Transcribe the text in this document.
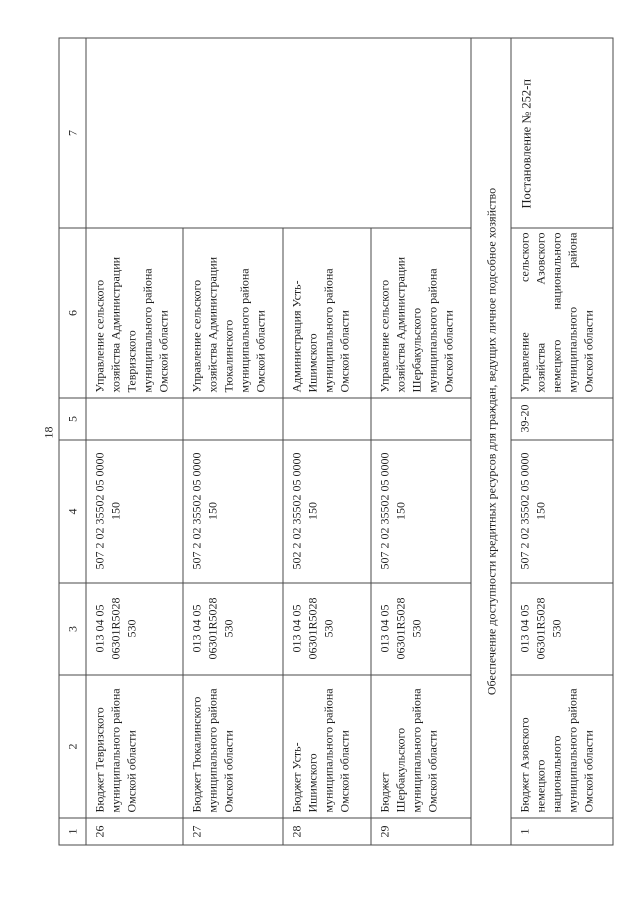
18
1	2	3	4	5	6	7

26	Бюджет Тевризского муниципального района Омской области	013 04 05 06301R5028 530	507 2 02 35502 05 0000 150		Управление сельского хозяйства Администрации Тевризского муниципального района Омской области	

27	Бюджет Тюкалинского муниципального района Омской области	013 04 05 06301R5028 530	507 2 02 35502 05 0000 150		Управление сельского хозяйства Администрации Тюкалинского муниципального района Омской области	

28	Бюджет Усть- Ишимского муниципального района Омской области	013 04 05 06301R5028 530	502 2 02 35502 05 0000 150		Администрация Усть- Ишимского муниципального района Омской области	

29	Бюджет Шербакульского муниципального района Омской области	013 04 05 06301R5028 530	507 2 02 35502 05 0000 150		Управление сельского хозяйства Администрации Шербакульского муниципального района Омской области	

Обеспечение доступности кредитных ресурсов для граждан, ведущих личное подсобное хозяйство						

1	Бюджет Азовского немецкого национального муниципального района Омской области	013 04 05 06301R5028 530	507 2 02 35502 05 0000 150	39-20	Управление сельского хозяйства Азовского немецкого национального муниципального района Омской области	Постановление № 252-п
